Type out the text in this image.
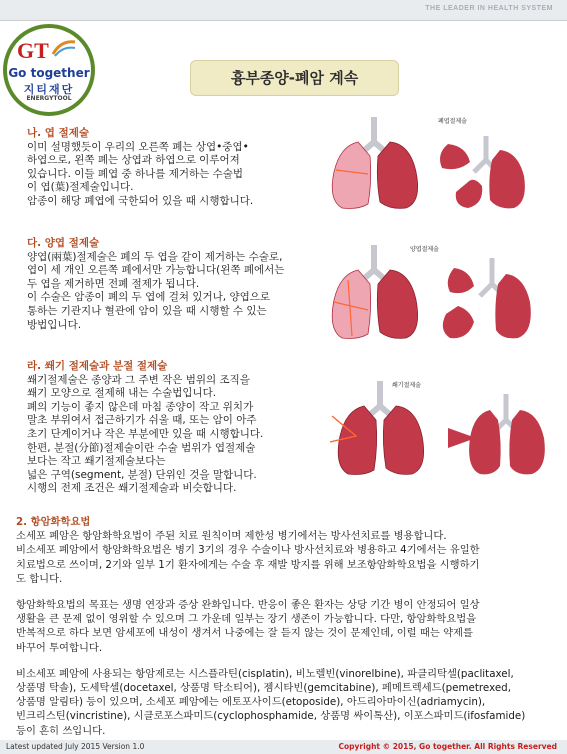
THE LEADER IN HEALTH SYSTEM
GT
Go together
지티재단
ENERGYTOOL
흉부종양-폐암 계속
나. 엽 절제술

이미 설명했듯이 우리의 오른쪽 폐는 상엽•중엽•

하엽으로, 왼쪽 폐는 상엽과 하엽으로 이루어져

있습니다. 이들 폐엽 중 하나를 제거하는 수술법

이 엽(葉)절제술입니다.

암종이 해당 폐엽에 국한되어 있을 때 시행합니다.

다. 양엽 절제술

양엽(兩葉)절제술은 폐의 두 엽을 같이 제거하는 수술로,

엽이 세 개인 오른쪽 폐에서만 가능합니다(왼쪽 폐에서는

두 엽을 제거하면 전폐 절제가 됩니다.

이 수술은 암종이 폐의 두 엽에 걸쳐 있거나, 양엽으로

통하는 기관지나 혈관에 암이 있을 때 시행할 수 있는

방법입니다.

라. 쐐기 절제술과 분절 절제술

쐐기절제술은 종양과 그 주변 작은 범위의 조직을

쐐기 모양으로 절제해 내는 수술법입니다.

폐의 기능이 좋지 않은데 마침 종양이 작고 위치가

말초 부위여서 접근하기가 쉬울 때, 또는 암이 아주

초기 단계이거나 작은 부분에만 있을 때 시행합니다.

한편, 분절(分節)절제술이란 수술 범위가 엽절제술

보다는 작고 쐐기절제술보다는

넓은 구역(segment, 분절) 단위인 것을 말합니다.

시행의 전제 조건은 쐐기절제술과 비슷합니다.

폐엽절제술
양엽절제술
쐐기절제술
2. 항암화학요법

소세포 폐암은 항암화학요법이 주된 치료 원칙이며 제한성 병기에서는 방사선치료를 병용합니다.

비소세포 폐암에서 항암화학요법은 병기 3기의 경우 수술이나 방사선치료와 병용하고 4기에서는 유일한

치료법으로 쓰이며, 2기와 일부 1기 환자에게는 수술 후 재발 방지를 위해 보조항암화학요법을 시행하기

도 합니다.

항암화학요법의 목표는 생명 연장과 증상 완화입니다. 반응이 좋은 환자는 상당 기간 병이 안정되어 일상

생활을 큰 문제 없이 영위할 수 있으며 그 가운데 일부는 장기 생존이 가능합니다. 다만, 항암화학요법을

반복적으로 하다 보면 암세포에 내성이 생겨서 나중에는 잘 듣지 않는 것이 문제인데, 이럴 때는 약제를

바꾸어 투여합니다.

비소세포 폐암에 사용되는 항암제로는 시스플라틴(cisplatin), 비노렐빈(vinorelbine), 파클리탁셀(paclitaxel,

상품명 탁솔), 도세탁셀(docetaxel, 상품명 탁소티어), 젬시타빈(gemcitabine), 페메트렉세드(pemetrexed,

상품명 알림타) 등이 있으며, 소세포 폐암에는 에토포사이드(etoposide), 아드리아마이신(adriamycin),

빈크리스틴(vincristine), 시클로포스파미드(cyclophosphamide, 상품명 싸이톡산), 이포스파미드(ifosfamide)

등이 흔히 쓰입니다.

Latest updated July 2015 Version 1.0	Copyright © 2015, Go together. All Rights Reserved
